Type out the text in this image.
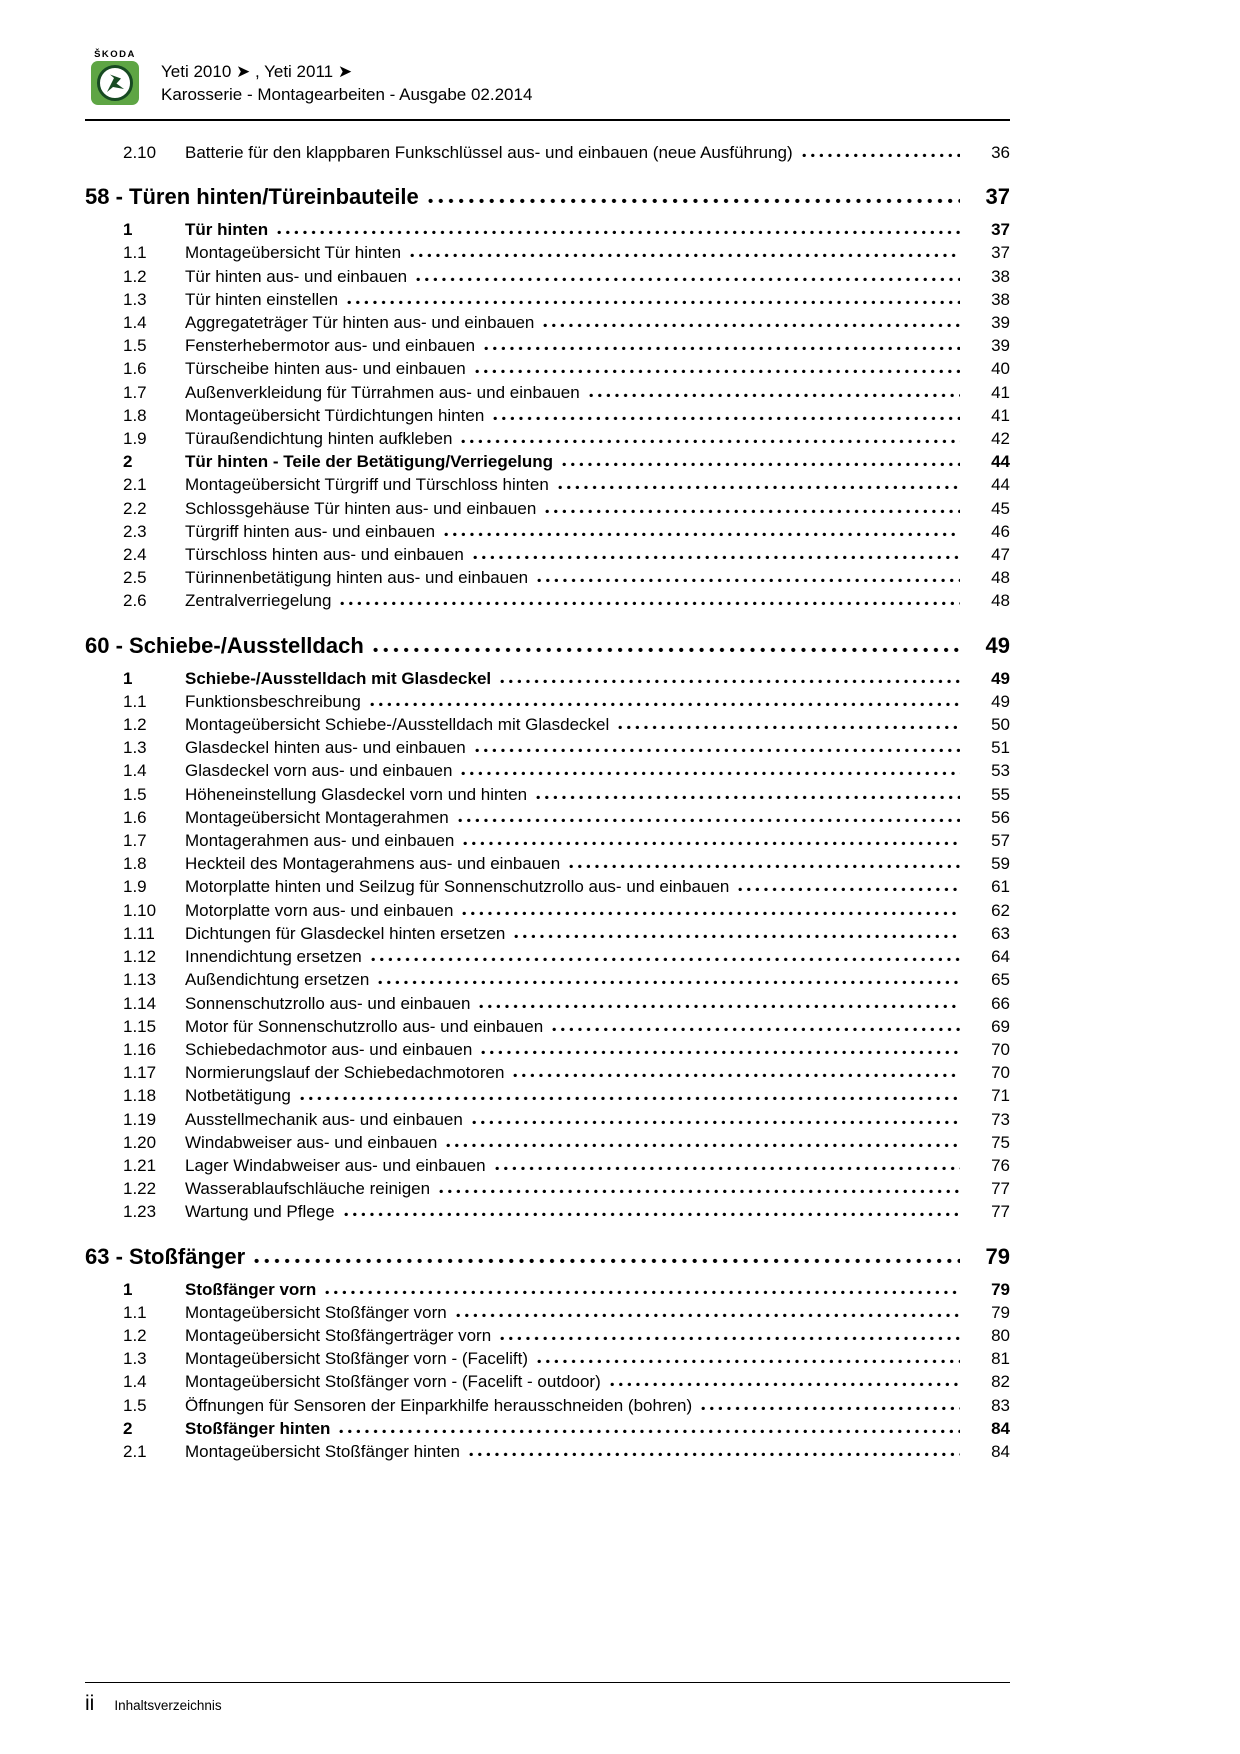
ŠKODA
Yeti 2010 ➤ , Yeti 2011 ➤
Karosserie - Montagearbeiten - Ausgabe 02.2014
2.10	Batterie für den klappbaren Funkschlüssel aus- und einbauen (neue Ausführung)	36
58 - Türen hinten/Türeinbauteile	37
1	Tür hinten	37
1.1	Montageübersicht Tür hinten	37
1.2	Tür hinten aus- und einbauen	38
1.3	Tür hinten einstellen	38
1.4	Aggregateträger Tür hinten aus- und einbauen	39
1.5	Fensterhebermotor aus- und einbauen	39
1.6	Türscheibe hinten aus- und einbauen	40
1.7	Außenverkleidung für Türrahmen aus- und einbauen	41
1.8	Montageübersicht Türdichtungen hinten	41
1.9	Türaußendichtung hinten aufkleben	42
2	Tür hinten - Teile der Betätigung/Verriegelung	44
2.1	Montageübersicht Türgriff und Türschloss hinten	44
2.2	Schlossgehäuse Tür hinten aus- und einbauen	45
2.3	Türgriff hinten aus- und einbauen	46
2.4	Türschloss hinten aus- und einbauen	47
2.5	Türinnenbetätigung hinten aus- und einbauen	48
2.6	Zentralverriegelung	48
60 - Schiebe-/Ausstelldach	49
1	Schiebe-/Ausstelldach mit Glasdeckel	49
1.1	Funktionsbeschreibung	49
1.2	Montageübersicht Schiebe-/Ausstelldach mit Glasdeckel	50
1.3	Glasdeckel hinten aus- und einbauen	51
1.4	Glasdeckel vorn aus- und einbauen	53
1.5	Höheneinstellung Glasdeckel vorn und hinten	55
1.6	Montageübersicht Montagerahmen	56
1.7	Montagerahmen aus- und einbauen	57
1.8	Heckteil des Montagerahmens aus- und einbauen	59
1.9	Motorplatte hinten und Seilzug für Sonnenschutzrollo aus- und einbauen	61
1.10	Motorplatte vorn aus- und einbauen	62
1.11	Dichtungen für Glasdeckel hinten ersetzen	63
1.12	Innendichtung ersetzen	64
1.13	Außendichtung ersetzen	65
1.14	Sonnenschutzrollo aus- und einbauen	66
1.15	Motor für Sonnenschutzrollo aus- und einbauen	69
1.16	Schiebedachmotor aus- und einbauen	70
1.17	Normierungslauf der Schiebedachmotoren	70
1.18	Notbetätigung	71
1.19	Ausstellmechanik aus- und einbauen	73
1.20	Windabweiser aus- und einbauen	75
1.21	Lager Windabweiser aus- und einbauen	76
1.22	Wasserablaufschläuche reinigen	77
1.23	Wartung und Pflege	77
63 - Stoßfänger	79
1	Stoßfänger vorn	79
1.1	Montageübersicht Stoßfänger vorn	79
1.2	Montageübersicht Stoßfängerträger vorn	80
1.3	Montageübersicht Stoßfänger vorn - (Facelift)	81
1.4	Montageübersicht Stoßfänger vorn - (Facelift - outdoor)	82
1.5	Öffnungen für Sensoren der Einparkhilfe herausschneiden (bohren)	83
2	Stoßfänger hinten	84
2.1	Montageübersicht Stoßfänger hinten	84
ii Inhaltsverzeichnis
